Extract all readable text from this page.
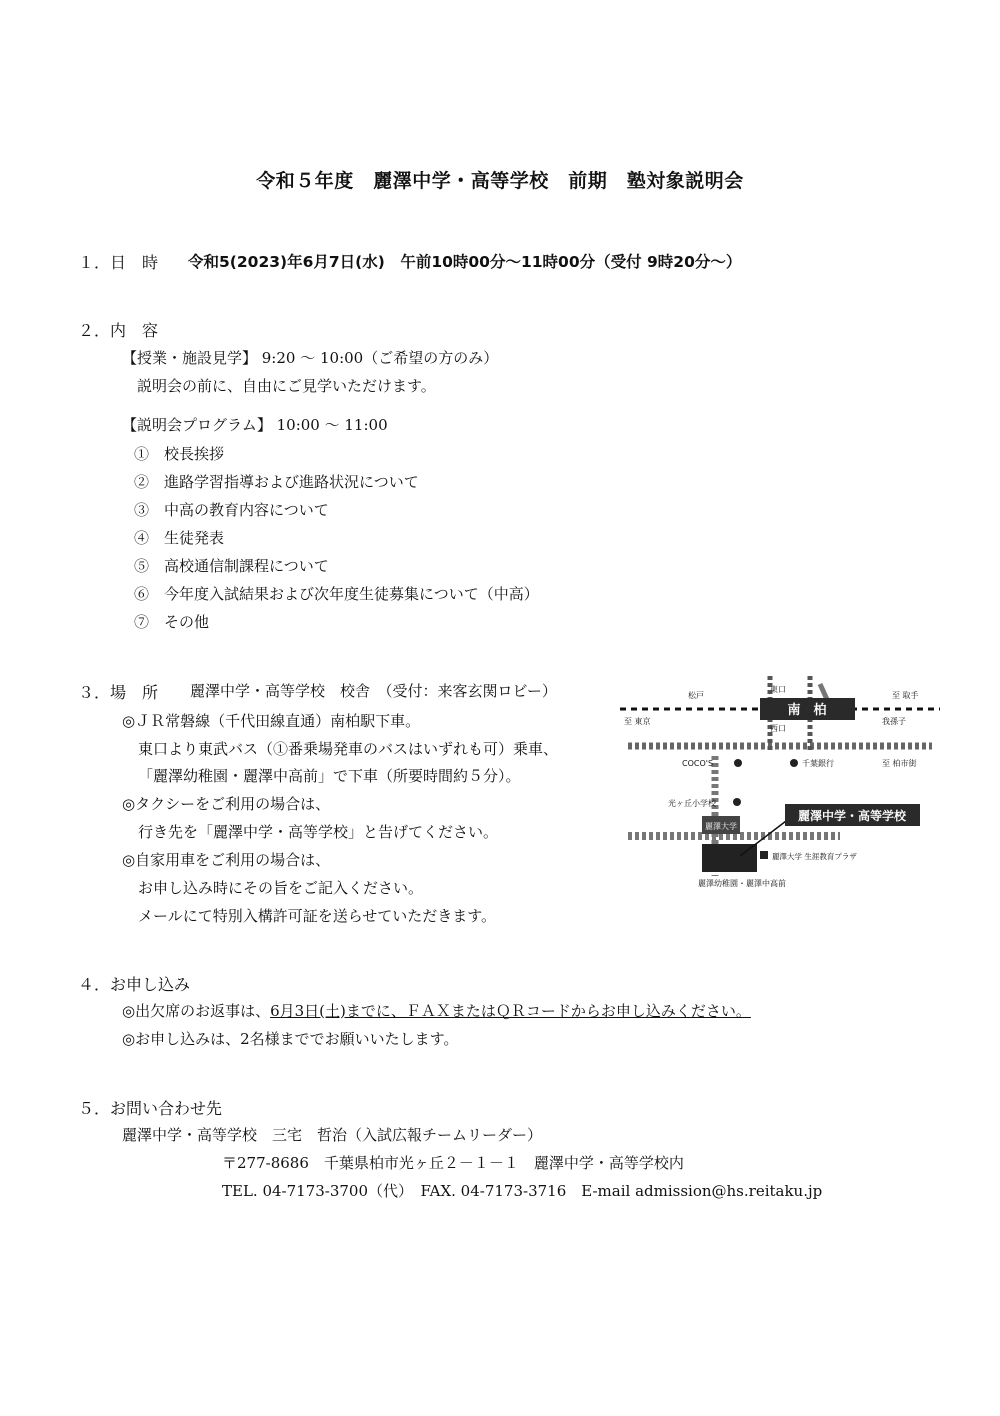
令和５年度　麗澤中学・高等学校　前期　塾対象説明会
１．日　時 令和5(2023)年6月7日(水)　午前10時00分～11時00分（受付 9時20分～）
２．内　容
【授業・施設見学】 9:20 ～ 10:00（ご希望の方のみ）
説明会の前に、自由にご見学いただけます。
【説明会プログラム】 10:00 ～ 11:00
①　 校長挨拶
②　 進路学習指導および進路状況について
③　 中高の教育内容について
④　 生徒発表
⑤　 高校通信制課程について
⑥　 今年度入試結果および次年度生徒募集について（中高）
⑦　 その他
３．場　所 麗澤中学・高等学校　校舎　（受付：来客玄関ロビー）
◎ＪＲ常磐線（千代田線直通）南柏駅下車。
東口より東武バス（①番乗場発車のバスはいずれも可）乗車、
「麗澤幼稚園・麗澤中高前」で下車（所要時間約５分）。
◎タクシーをご利用の場合は、
行き先を「麗澤中学・高等学校」と告げてください。
◎自家用車をご利用の場合は、
お申し込み時にその旨をご記入ください。
メールにて特別入構許可証を送らせていただきます。
南　柏
東口
西口
松戸
至 東京	我孫子
至 取手
COCO'S	千葉銀行	至 柏市街
光ヶ丘小学校
麗澤大学
麗澤中学・高等学校
麗澤大学 生涯教育プラザ
麗澤幼稚園・麗澤中高前
４．お申し込み
◎出欠席のお返事は、6月3日(土)までに、ＦＡＸまたはＱＲコードからお申し込みください。
◎お申し込みは、2名様まででお願いいたします。
５．お問い合わせ先
麗澤中学・高等学校　三宅　哲治（入試広報チームリーダー）
〒277-8686　千葉県柏市光ヶ丘２－１－１　麗澤中学・高等学校内
TEL. 04-7173-3700（代）　FAX. 04-7173-3716　E-mail admission@hs.reitaku.jp
